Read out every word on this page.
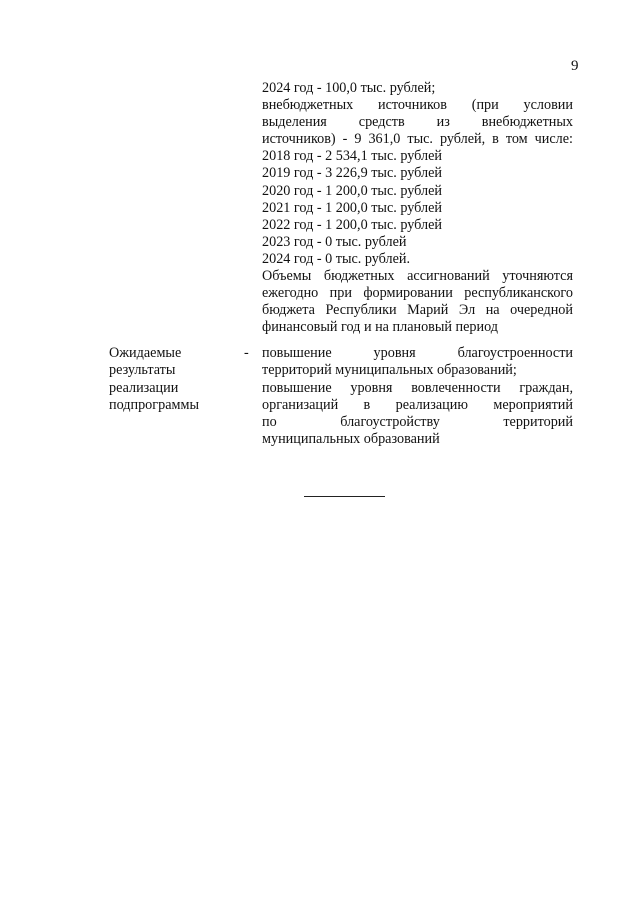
9
2024 год - 100,0 тыс. рублей;
внебюджетных источников (при условии
выделения средств из внебюджетных
источников) - 9 361,0 тыс. рублей, в том числе:
2018 год - 2 534,1 тыс. рублей
2019 год - 3 226,9 тыс. рублей
2020 год - 1 200,0 тыс. рублей
2021 год - 1 200,0 тыс. рублей
2022 год - 1 200,0 тыс. рублей
2023 год - 0 тыс. рублей
2024 год - 0 тыс. рублей.
Объемы бюджетных ассигнований уточняются
ежегодно при формировании республиканского
бюджета Республики Марий Эл на очередной
финансовый год и на плановый период
Ожидаемые
результаты
реализации
подпрограммы
- повышение уровня благоустроенности
территорий муниципальных образований;
повышение уровня вовлеченности граждан,
организаций в реализацию мероприятий
по благоустройству территорий
муниципальных образований
